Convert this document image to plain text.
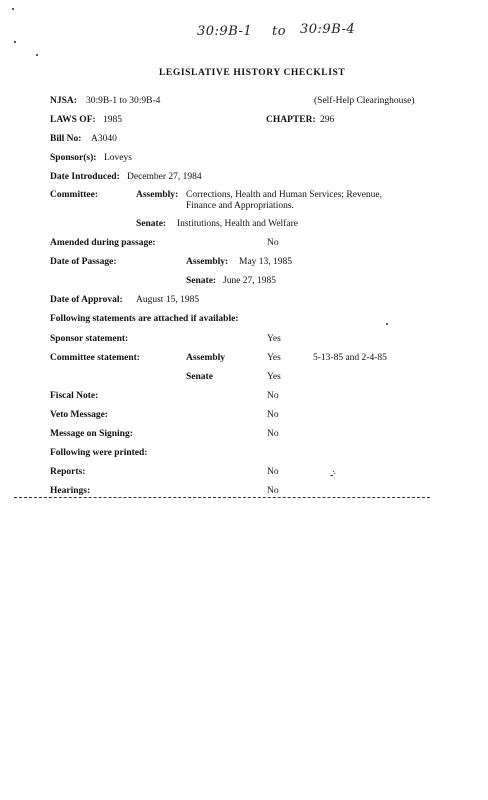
30:9B-1 to 30:9B-4
LEGISLATIVE HISTORY CHECKLIST
NJSA: 30:9B-1 to 30:9B-4	(Self-Help Clearinghouse)
LAWS OF: 1985	CHAPTER: 296
Bill No: A3040
Sponsor(s): Loveys
Date Introduced: December 27, 1984
Committee:	Assembly: Corrections, Health and Human Services; Revenue,
Finance and Appropriations.
Senate: Institutions, Health and Welfare
Amended during passage:	No
Date of Passage:	Assembly: May 13, 1985
Senate: June 27, 1985
Date of Approval: August 15, 1985
Following statements are attached if available:
Sponsor statement:	Yes
Committee statement:	Assembly	Yes	5-13-85 and 2-4-85
Senate	Yes
Fiscal Note:	No
Veto Message:	No
Message on Signing:	No
Following were printed:
Reports:	No
Hearings:	No
-̇ˑ
